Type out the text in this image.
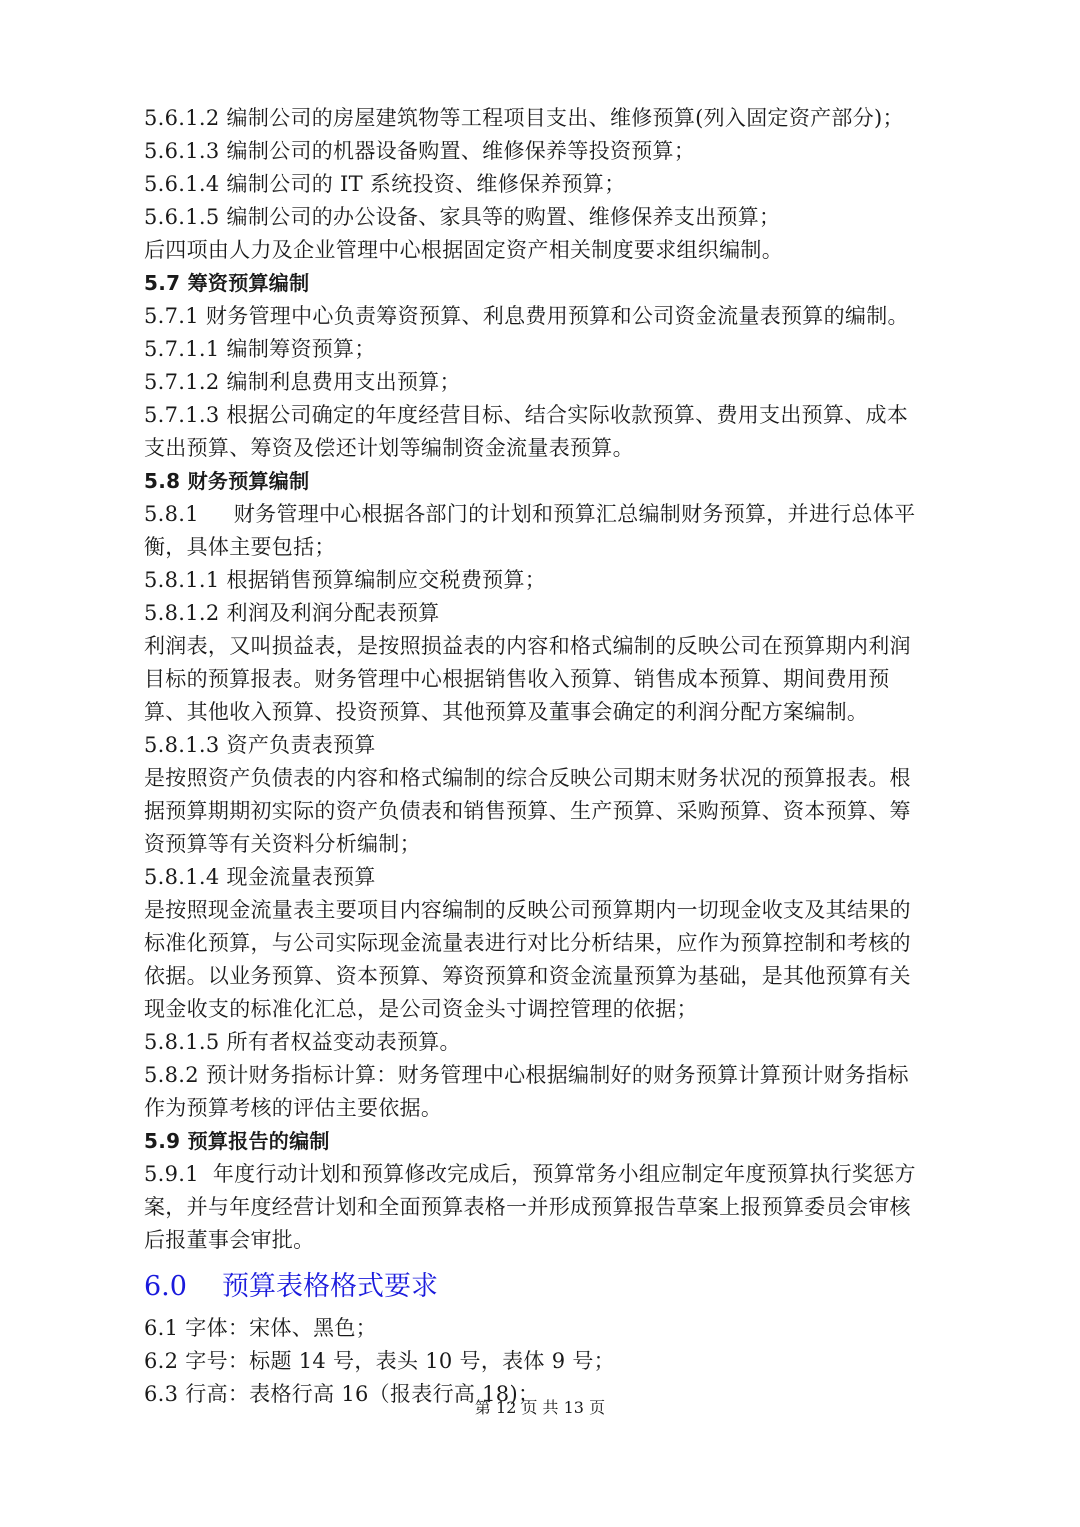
5.6.1.2 编制公司的房屋建筑物等工程项目支出、维修预算(列入固定资产部分)；
5.6.1.3 编制公司的机器设备购置、维修保养等投资预算；
5.6.1.4 编制公司的 IT 系统投资、维修保养预算；
5.6.1.5 编制公司的办公设备、家具等的购置、维修保养支出预算；
后四项由人力及企业管理中心根据固定资产相关制度要求组织编制。
5.7 筹资预算编制
5.7.1 财务管理中心负责筹资预算、利息费用预算和公司资金流量表预算的编制。
5.7.1.1 编制筹资预算；
5.7.1.2 编制利息费用支出预算；
5.7.1.3 根据公司确定的年度经营目标、结合实际收款预算、费用支出预算、成本
支出预算、筹资及偿还计划等编制资金流量表预算。
5.8 财务预算编制
5.8.1     财务管理中心根据各部门的计划和预算汇总编制财务预算，并进行总体平
衡，具体主要包括；
5.8.1.1 根据销售预算编制应交税费预算；
5.8.1.2 利润及利润分配表预算
利润表，又叫损益表，是按照损益表的内容和格式编制的反映公司在预算期内利润
目标的预算报表。财务管理中心根据销售收入预算、销售成本预算、期间费用预
算、其他收入预算、投资预算、其他预算及董事会确定的利润分配方案编制。
5.8.1.3 资产负责表预算
是按照资产负债表的内容和格式编制的综合反映公司期末财务状况的预算报表。根
据预算期期初实际的资产负债表和销售预算、生产预算、采购预算、资本预算、筹
资预算等有关资料分析编制；
5.8.1.4 现金流量表预算
是按照现金流量表主要项目内容编制的反映公司预算期内一切现金收支及其结果的
标准化预算，与公司实际现金流量表进行对比分析结果，应作为预算控制和考核的
依据。以业务预算、资本预算、筹资预算和资金流量预算为基础，是其他预算有关
现金收支的标准化汇总，是公司资金头寸调控管理的依据；
5.8.1.5 所有者权益变动表预算。
5.8.2 预计财务指标计算：财务管理中心根据编制好的财务预算计算预计财务指标
作为预算考核的评估主要依据。
5.9 预算报告的编制
5.9.1  年度行动计划和预算修改完成后，预算常务小组应制定年度预算执行奖惩方
案，并与年度经营计划和全面预算表格一并形成预算报告草案上报预算委员会审核
后报董事会审批。
6.0 预算表格格式要求
6.1 字体：宋体、黑色；
6.2 字号：标题 14 号，表头 10 号，表体 9 号；
6.3 行高：表格行高 16（报表行高 18)；
第 12 页 共 13 页
